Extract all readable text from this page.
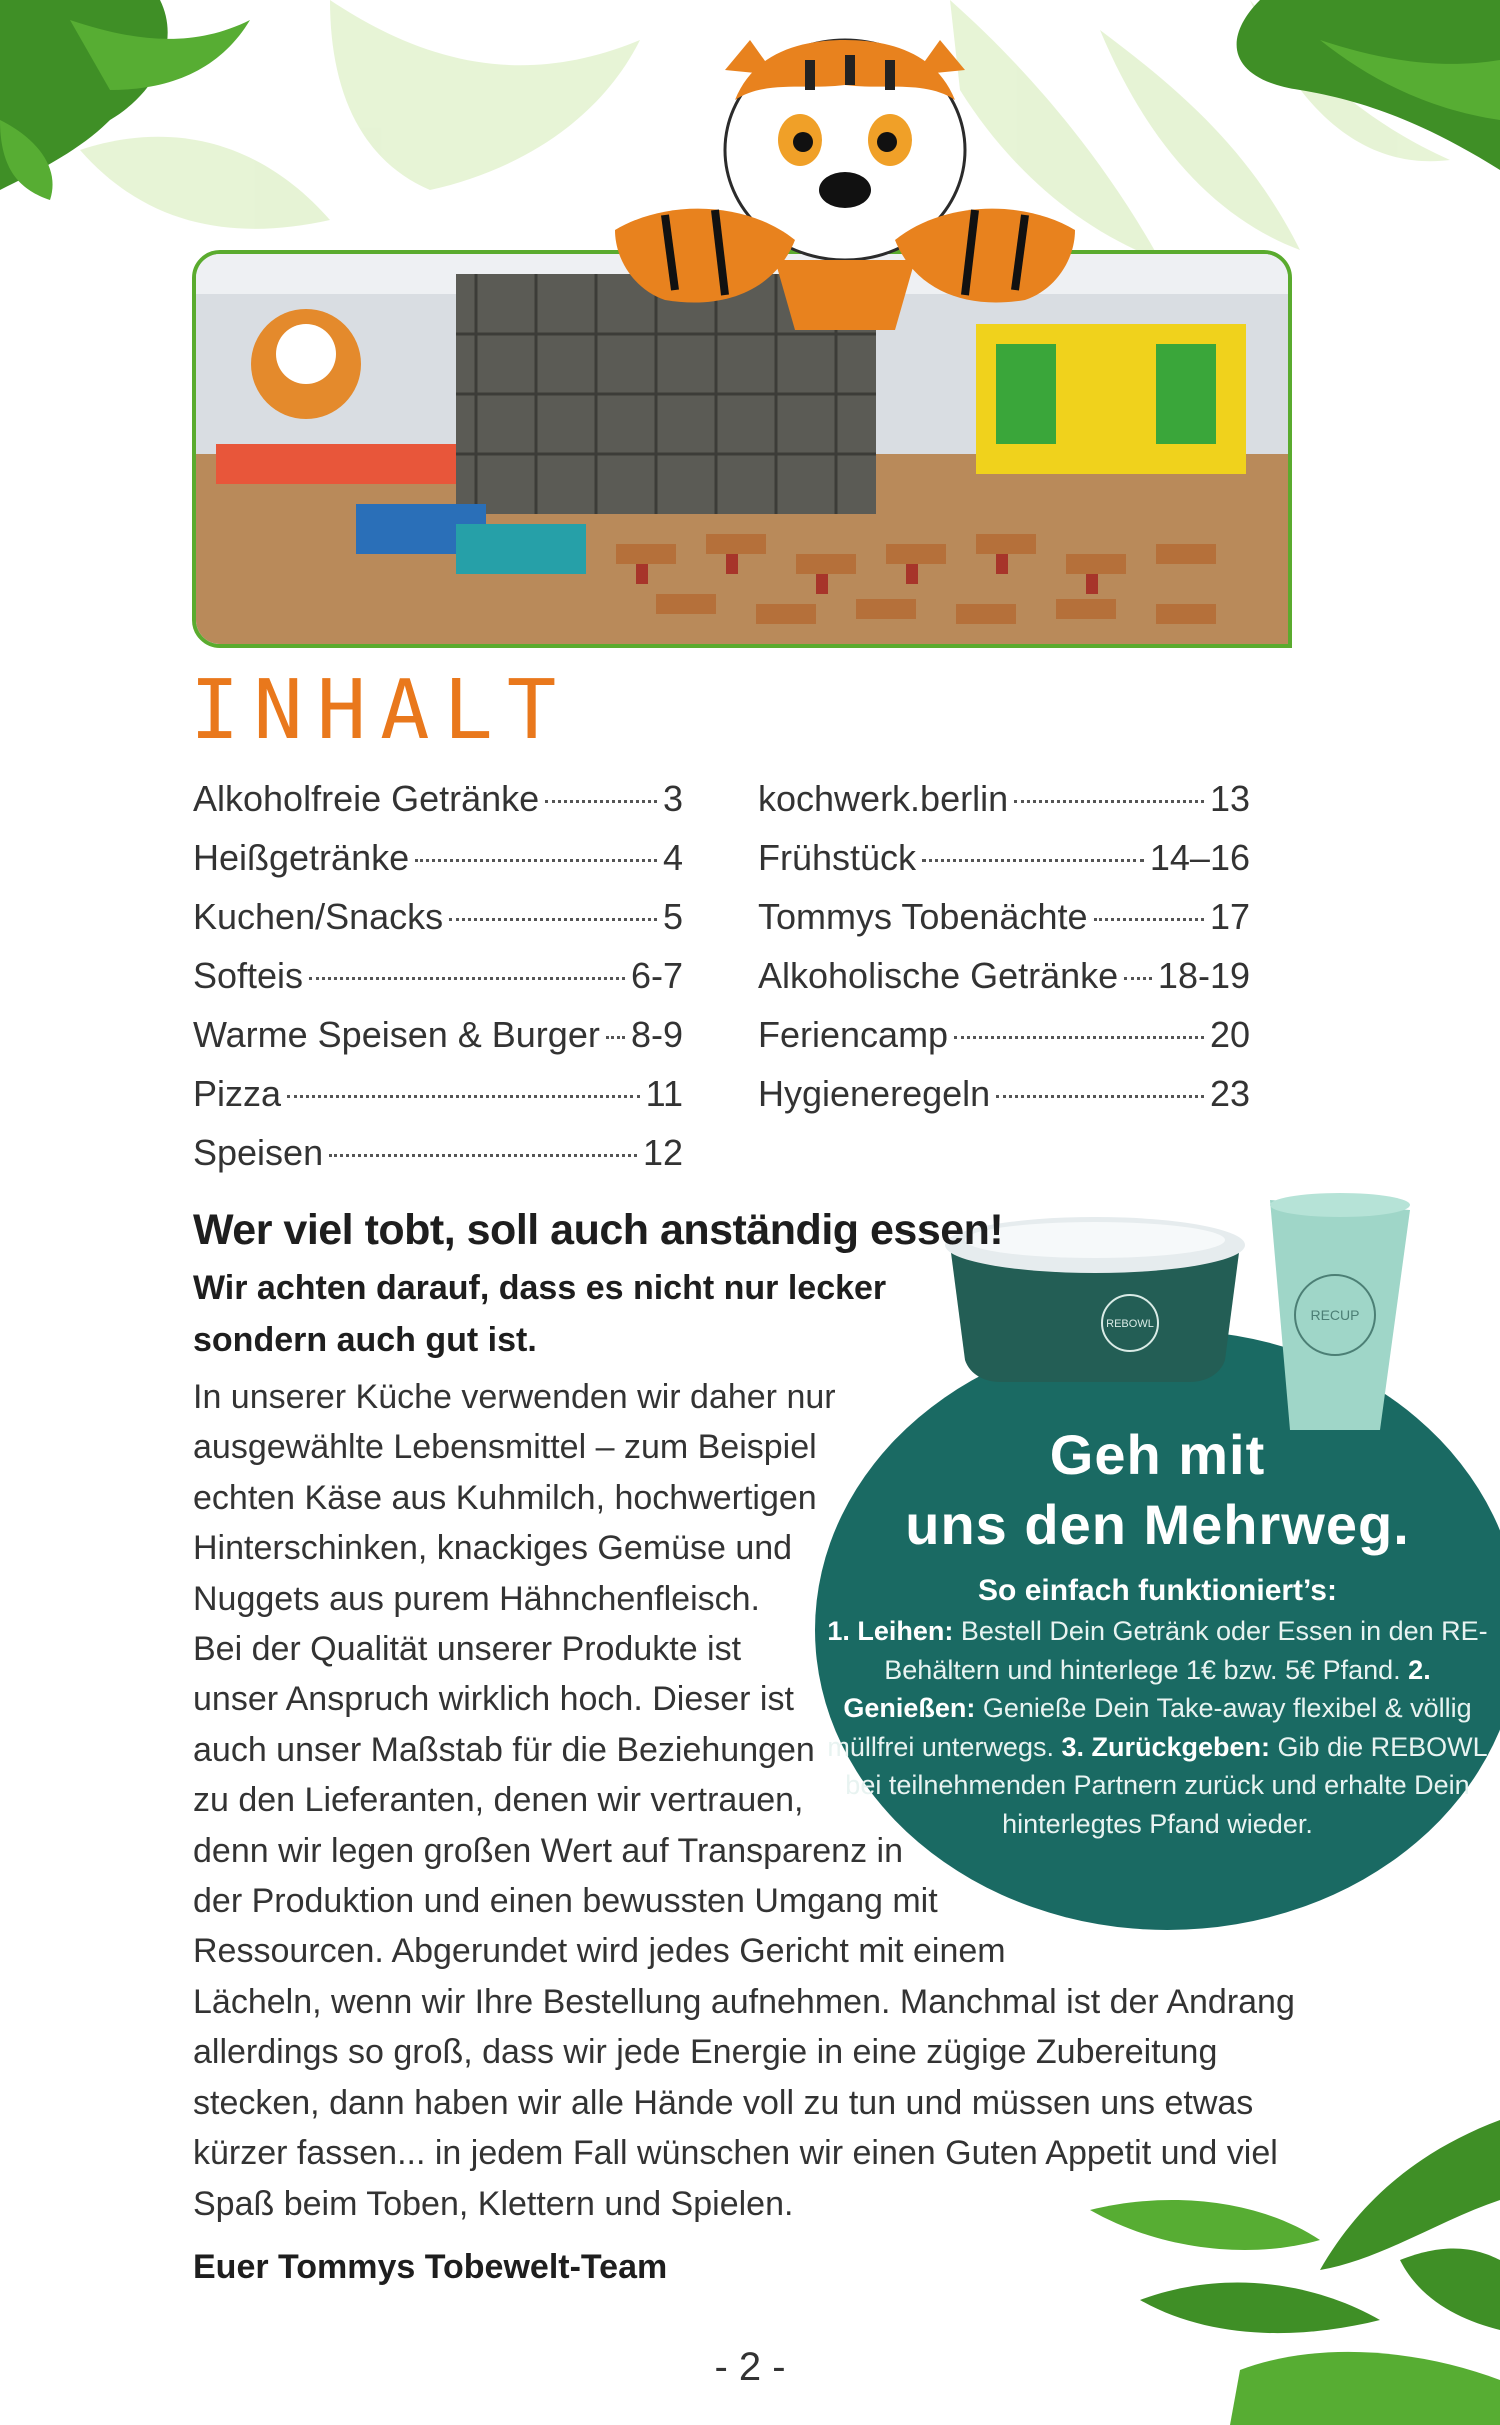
INHALT
Alkoholfreie Getränke	3
Heißgetränke	4
Kuchen/Snacks	5
Softeis	6-7
Warme Speisen & Burger 8-9
Pizza	11
Speisen	12
kochwerk.berlin	13
Frühstück	14–16
Tommys Tobenächte	17
Alkoholische Getränke 18-19
Feriencamp	20
Hygieneregeln	23
REBOWL
RECUP

Geh mit
uns den Mehrweg.

So einfach funktioniert’s:

1. Leihen: Bestell Dein Getränk oder Essen in den RE-Behältern und hinterlege 1€ bzw. 5€ Pfand. 2. Genießen: Genieße Dein Take-away flexibel & völlig müllfrei unterwegs. 3. Zurückgeben: Gib die REBOWL bei teilnehmenden Partnern zurück und erhalte Dein hinterlegtes Pfand wieder.

Wer viel tobt, soll auch anständig essen!

Wir achten darauf, dass es nicht nur lecker sondern auch gut ist.

In unserer Küche verwenden wir daher nur
ausgewählte Lebensmittel – zum Beispiel
echten Käse aus Kuhmilch, hochwertigen
Hinterschinken, knackiges Gemüse und
Nuggets aus purem Hähnchenfleisch.
Bei der Qualität unserer Produkte ist
unser Anspruch wirklich hoch. Dieser ist
auch unser Maßstab für die Beziehungen
zu den Lieferanten, denen wir vertrauen,
denn wir legen großen Wert auf Transparenz in
der Produktion und einen bewussten Umgang mit
Ressourcen. Abgerundet wird jedes Gericht mit einem
Lächeln, wenn wir Ihre Bestellung aufnehmen. Manchmal ist der Andrang
allerdings so groß, dass wir jede Energie in eine zügige Zubereitung
stecken, dann haben wir alle Hände voll zu tun und müssen uns etwas
kürzer fassen... in jedem Fall wünschen wir einen Guten Appetit und viel
Spaß beim Toben, Klettern und Spielen.

Euer Tommys Tobewelt-Team

- 2 -
